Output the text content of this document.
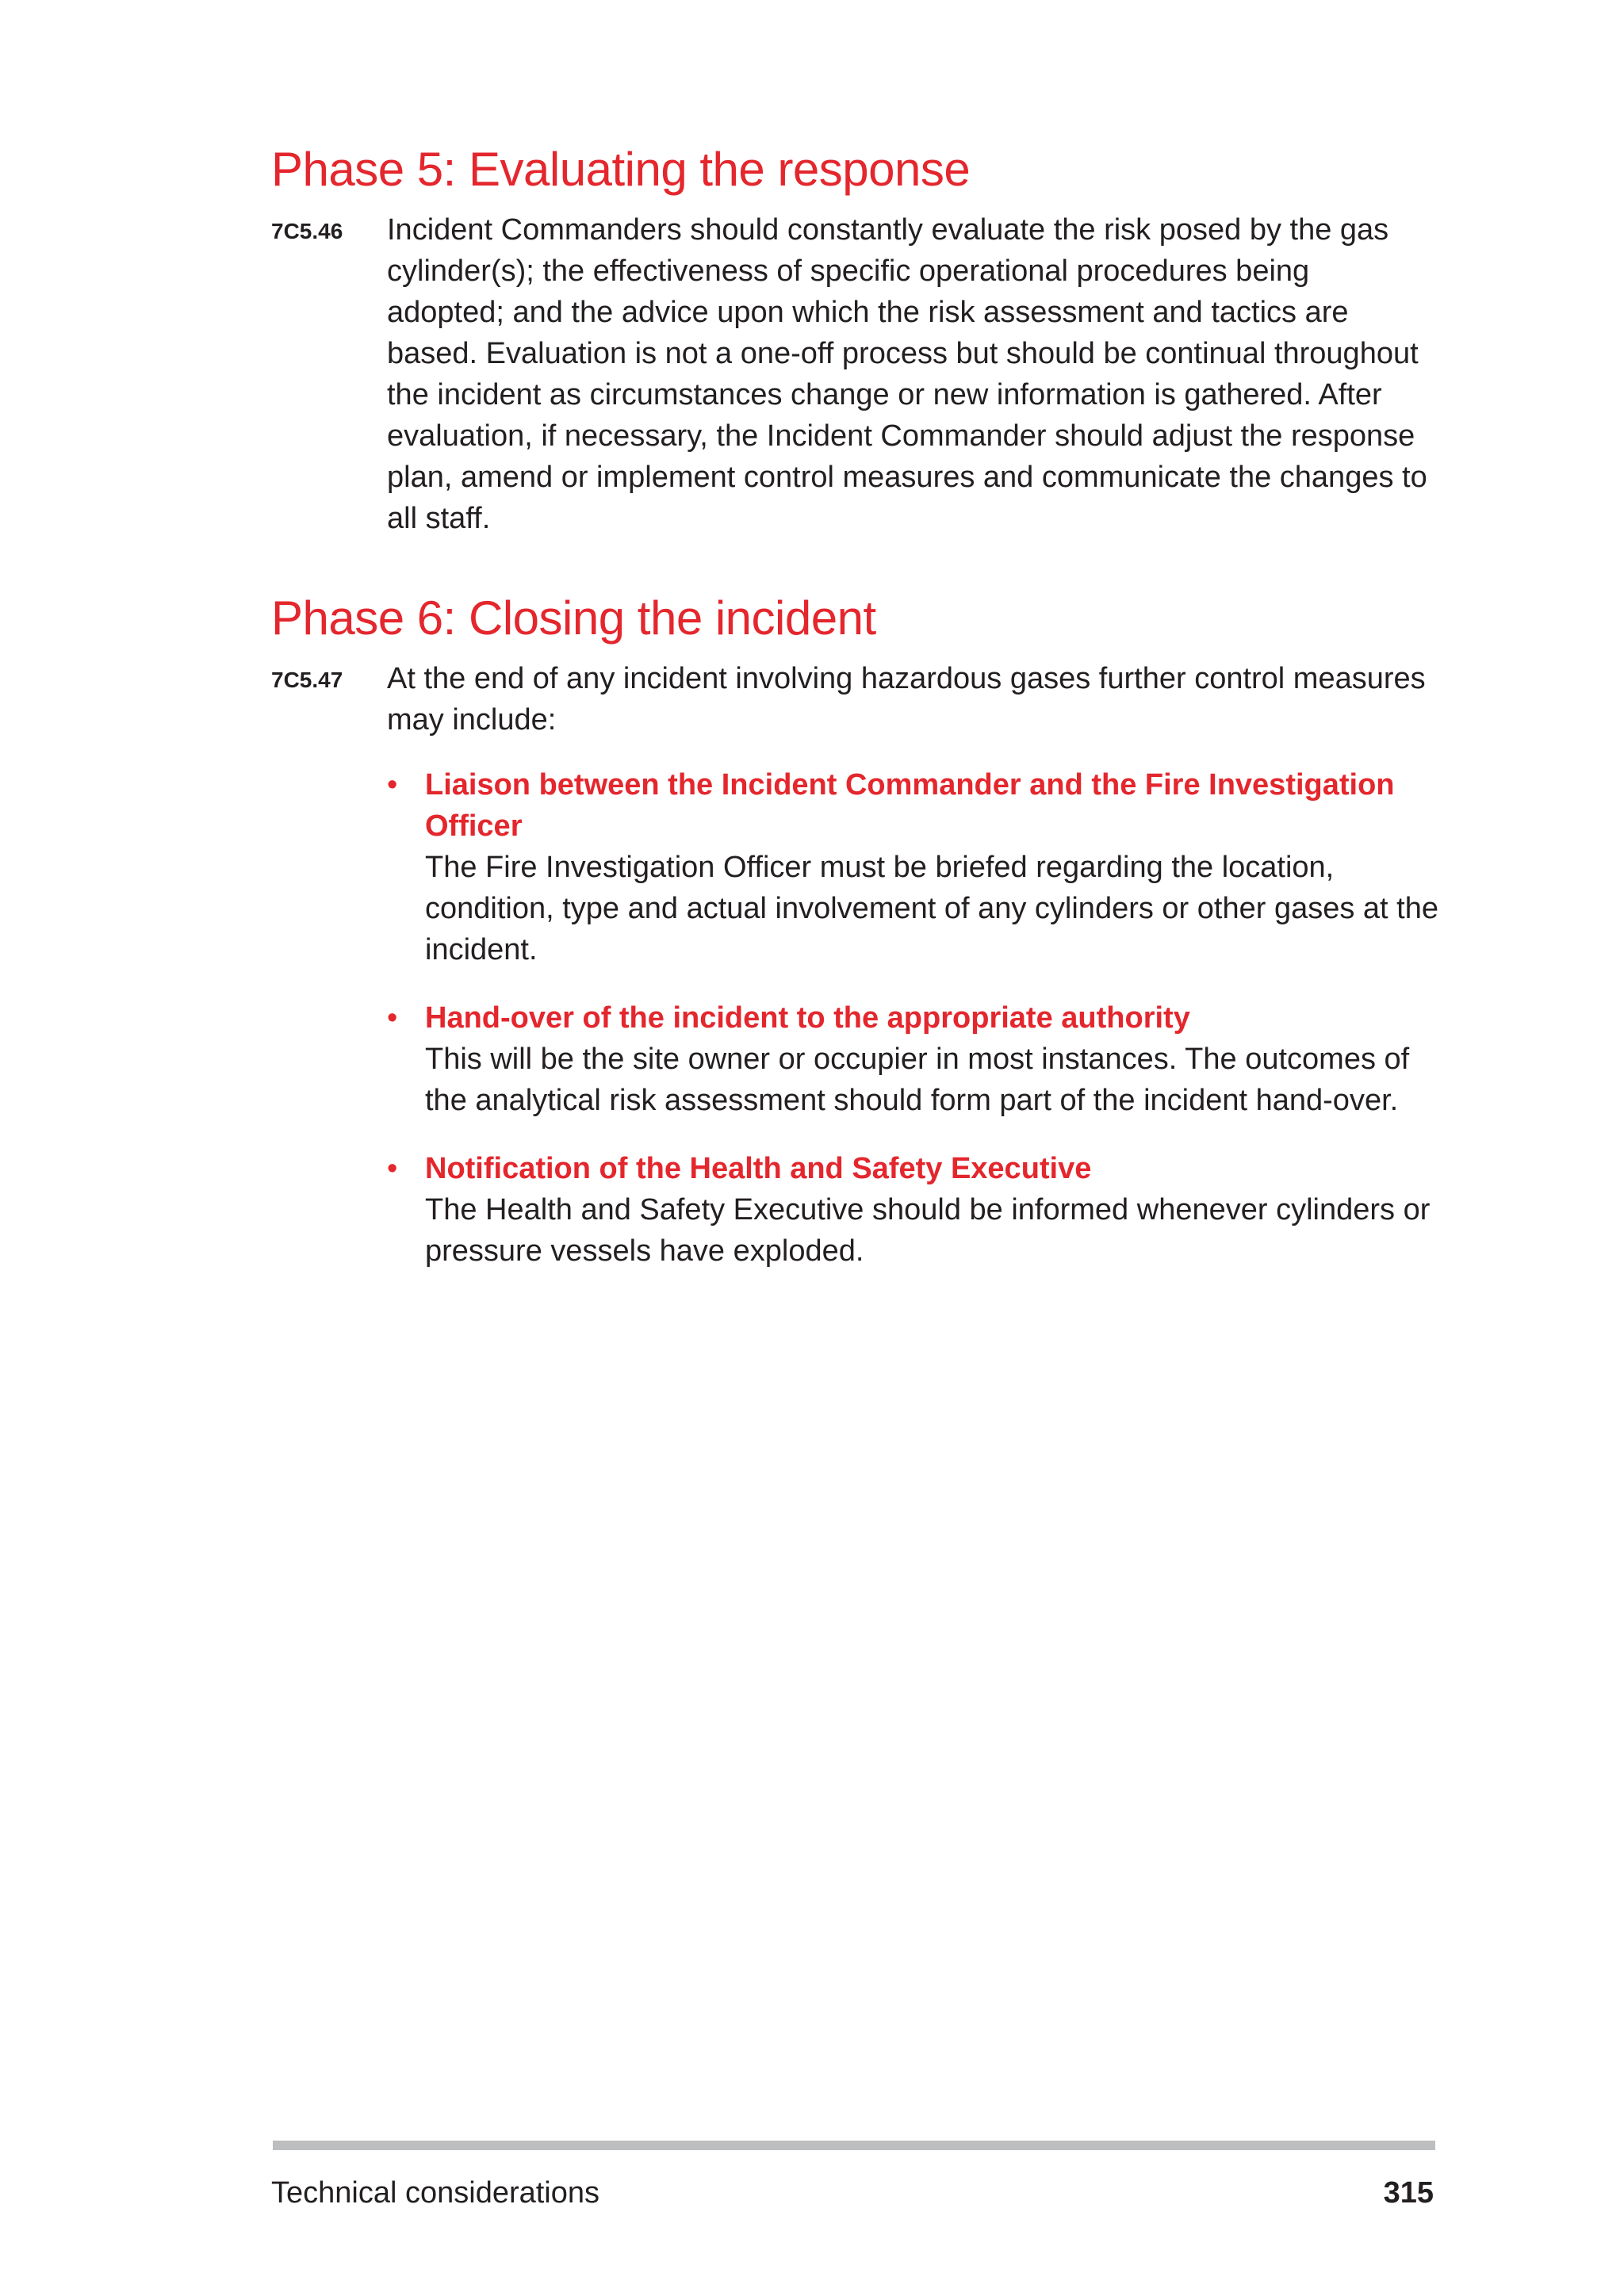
Phase 5: Evaluating the response
7C5.46	Incident Commanders should constantly evaluate the risk posed by the gas cylinder(s); the effectiveness of specific operational procedures being adopted; and the advice upon which the risk assessment and tactics are based. Evaluation is not a one-off process but should be continual throughout the incident as circumstances change or new information is gathered. After evaluation, if necessary, the Incident Commander should adjust the response plan, amend or implement control measures and communicate the changes to all staff.

Phase 6: Closing the incident
7C5.47	At the end of any incident involving hazardous gases further control measures may include:

• Liaison between the Incident Commander and the Fire Investigation Officer
The Fire Investigation Officer must be briefed regarding the location, condition, type and actual involvement of any cylinders or other gases at the incident.
• Hand-over of the incident to the appropriate authority
This will be the site owner or occupier in most instances. The outcomes of the analytical risk assessment should form part of the incident hand-over.
• Notification of the Health and Safety Executive
The Health and Safety Executive should be informed whenever cylinders or pressure vessels have exploded.
Technical considerations	315
